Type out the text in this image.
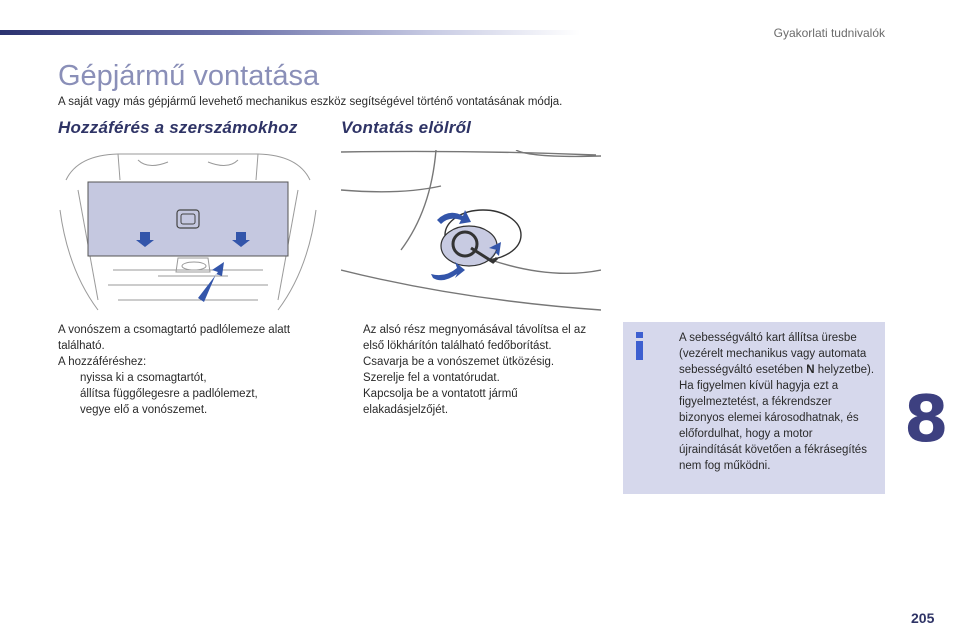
Gyakorlati tudnivalók
Gépjármű vontatása
A saját vagy más gépjármű levehető mechanikus eszköz segítségével történő vontatásának módja.
Hozzáférés a szerszámokhoz	Vontatás elölről

A vonószem a csomagtartó padlólemeze alatt található.

A hozzáféréshez:

nyissa ki a csomagtartót,
állítsa függőlegesre a padlólemezt,
vegye elő a vonószemet.
Az alsó rész megnyomásával távolítsa el az első lökhárítón található fedőborítást.
Csavarja be a vonószemet ütközésig.
Szerelje fel a vontatórudat.
Kapcsolja be a vontatott jármű elakadásjelzőjét.
A sebességváltó kart állítsa üresbe (vezérelt mechanikus vagy automata sebességváltó esetében N helyzetbe).
Ha figyelmen kívül hagyja ezt a figyelmeztetést, a fékrendszer bizonyos elemei károsodhatnak, és előfordulhat, hogy a motor újraindítását követően a fékrásegítés nem fog működni.
8
205
